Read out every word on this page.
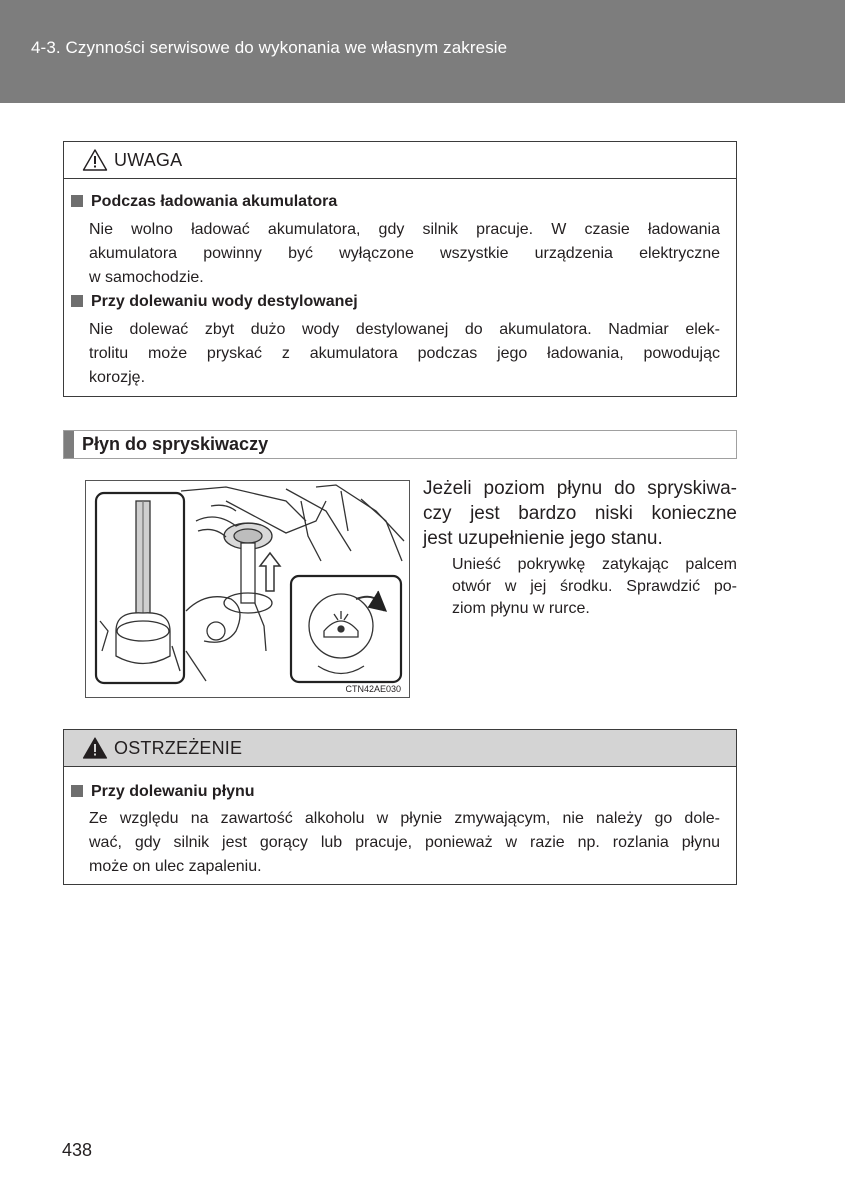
4-3. Czynności serwisowe do wykonania we własnym zakresie
UWAGA
Podczas ładowania akumulatora
Nie wolno ładować akumulatora, gdy silnik pracuje. W czasie ładowania
akumulatora powinny być wyłączone wszystkie urządzenia elektryczne
w samochodzie.
Przy dolewaniu wody destylowanej
Nie dolewać zbyt dużo wody destylowanej do akumulatora. Nadmiar elek-
trolitu może pryskać z akumulatora podczas jego ładowania, powodując
korozję.
Płyn do spryskiwaczy
CTN42AE030
Jeżeli poziom płynu do spryskiwa-
czy jest bardzo niski konieczne
jest uzupełnienie jego stanu.
Unieść pokrywkę zatykając palcem
otwór w jej środku. Sprawdzić po-
ziom płynu w rurce.
OSTRZEŻENIE
Przy dolewaniu płynu
Ze względu na zawartość alkoholu w płynie zmywającym, nie należy go dole-
wać, gdy silnik jest gorący lub pracuje, ponieważ w razie np. rozlania płynu
może on ulec zapaleniu.
438
